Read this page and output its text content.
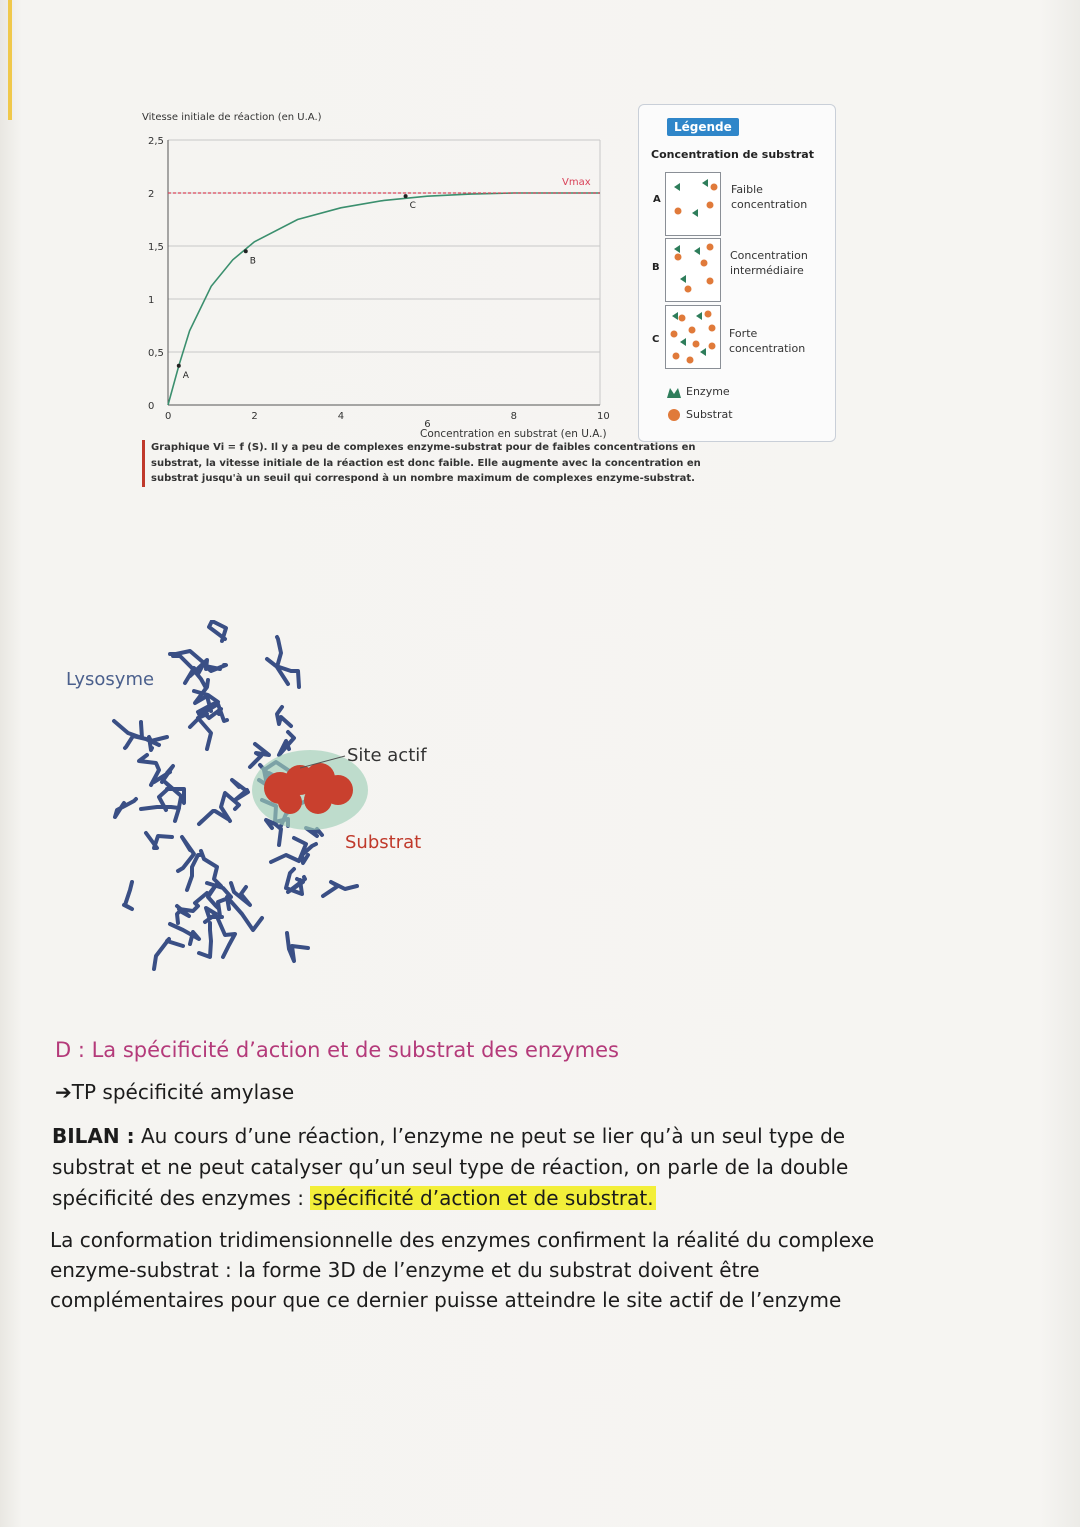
Vitesse initiale de réaction (en U.A.)
0
0,5
1
1,5
2
2,5
0	2	4
6
8	10
Vmax
A
B
C
Concentration en substrat (en U.A.)
Légende
Concentration de substrat
A
Faible concentration
B
Concentration intermédiaire
C	Forte concentration
Enzyme
Substrat
Graphique Vi = f (S). Il y a peu de complexes enzyme-substrat pour de faibles concentrations en substrat, la vitesse initiale de la réaction est donc faible. Elle augmente avec la concentration en substrat jusqu'à un seuil qui correspond à un nombre maximum de complexes enzyme-substrat.
Lysosyme
Site actif
Substrat
D : La spécificité d’action et de substrat des enzymes
➔TP spécificité amylase
BILAN : Au cours d’une réaction, l’enzyme ne peut se lier qu’à un seul type de
substrat et ne peut catalyser qu’un seul type de réaction, on parle de la double
spécificité des enzymes : spécificité d’action et de substrat.
La conformation tridimensionnelle des enzymes confirment la réalité du complexe
enzyme-substrat : la forme 3D de l’enzyme et du substrat doivent être
complémentaires pour que ce dernier puisse atteindre le site actif de l’enzyme
